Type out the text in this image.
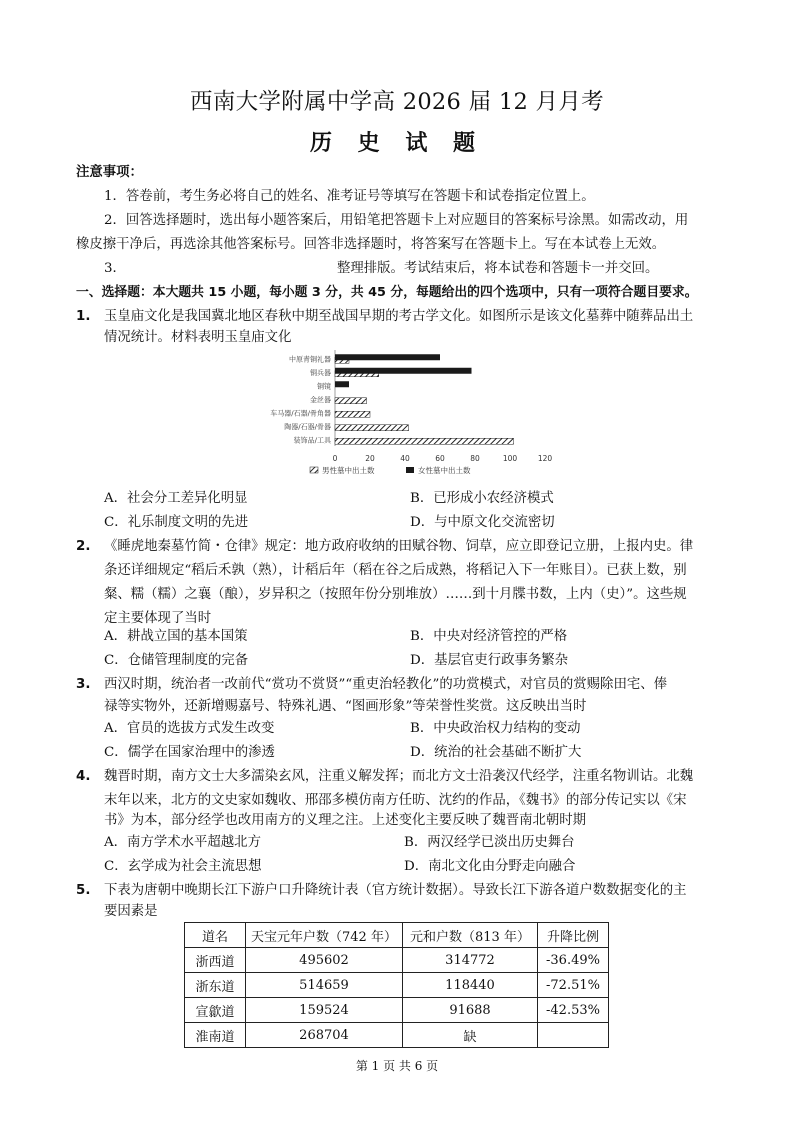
西南大学附属中学高 2026 届 12 月月考
历 史 试 题
注意事项：
1．答卷前，考生务必将自己的姓名、准考证号等填写在答题卡和试卷指定位置上。
2．回答选择题时，选出每小题答案后，用铅笔把答题卡上对应题目的答案标号涂黑。如需改动，用
橡皮擦干净后，再选涂其他答案标号。回答非选择题时，将答案写在答题卡上。写在本试卷上无效。
3．	整理排版。考试结束后，将本试卷和答题卡一并交回。
一、选择题：本大题共 15 小题，每小题 3 分，共 45 分，每题给出的四个选项中，只有一项符合题目要求。
1. 玉皇庙文化是我国冀北地区春秋中期至战国早期的考古学文化。如图所示是该文化墓葬中随葬品出土
情况统计。材料表明玉皇庙文化
中原青铜礼器
铜兵器
铜镜
金丝器
车马器/石器/骨角器
陶器/石器/骨器
装饰品/工具
0	20	40	60	80	100	120
男性墓中出土数	女性墓中出土数
A．社会分工差异化明显	B．已形成小农经济模式
C．礼乐制度文明的先进	D．与中原文化交流密切
2. 《睡虎地秦墓竹简・仓律》规定：地方政府收纳的田赋谷物、饲草，应立即登记立册，上报内史。律
条还详细规定“稻后禾孰（熟），计稻后年（稻在谷之后成熟，将稻记入下一年账目）。已获上数，别
粲、糯（糯）之襄（酿），岁异积之（按照年份分别堆放）……到十月牒书数，上内（史）”。这些规
定主要体现了当时
A．耕战立国的基本国策	B．中央对经济管控的严格
C．仓储管理制度的完备	D．基层官吏行政事务繁杂
3. 西汉时期，统治者一改前代“赏功不赏贤”“重吏治轻教化”的功赏模式，对官员的赏赐除田宅、俸
禄等实物外，还新增赐嘉号、特殊礼遇、“图画形象”等荣誉性奖赏。这反映出当时
A．官员的选拔方式发生改变	B．中央政治权力结构的变动
C．儒学在国家治理中的渗透	D．统治的社会基础不断扩大
4. 魏晋时期，南方文士大多濡染玄风，注重义解发挥；而北方文士沿袭汉代经学，注重名物训诂。北魏
末年以来，北方的文史家如魏收、邢邵多模仿南方任昉、沈约的作品，《魏书》的部分传记实以《宋
书》为本，部分经学也改用南方的义理之注。上述变化主要反映了魏晋南北朝时期
A．南方学术水平超越北方	B．两汉经学已淡出历史舞台
C．玄学成为社会主流思想	D．南北文化由分野走向融合
5. 下表为唐朝中晚期长江下游户口升降统计表（官方统计数据）。导致长江下游各道户数数据变化的主
要因素是
道名	天宝元年户数（742 年）	元和户数（813 年）	升降比例
浙西道	495602	314772	-36.49%
浙东道	514659	118440	-72.51%
宣歙道	159524	91688	-42.53%
淮南道	268704	缺	
第 1 页 共 6 页
